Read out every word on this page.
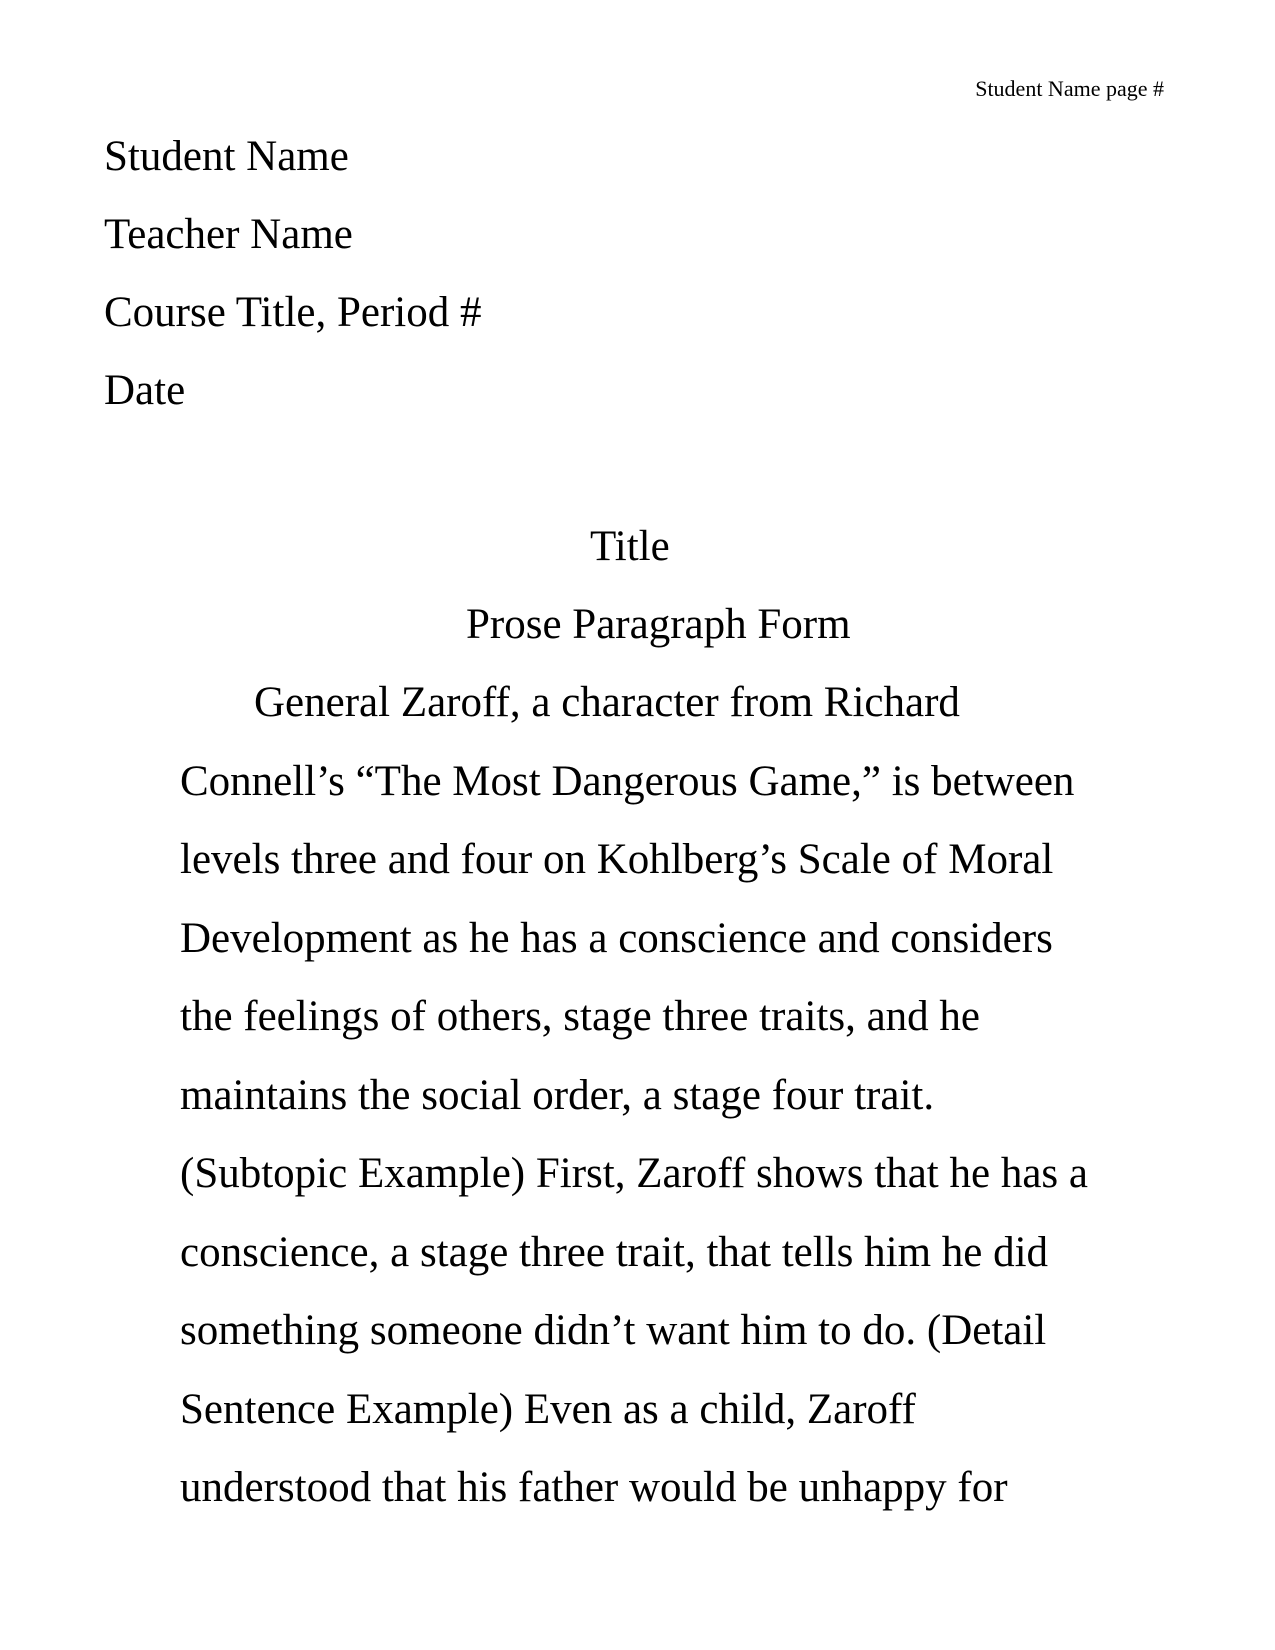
Student Name page #
Student Name
Teacher Name
Course Title, Period #
Date
Title
Prose Paragraph Form
General Zaroff, a character from Richard
Connell’s “The Most Dangerous Game,” is between
levels three and four on Kohlberg’s Scale of Moral
Development as he has a conscience and considers
the feelings of others, stage three traits, and he
maintains the social order, a stage four trait.
(Subtopic Example) First, Zaroff shows that he has a
conscience, a stage three trait, that tells him he did
something someone didn’t want him to do. (Detail
Sentence Example) Even as a child, Zaroff
understood that his father would be unhappy for
